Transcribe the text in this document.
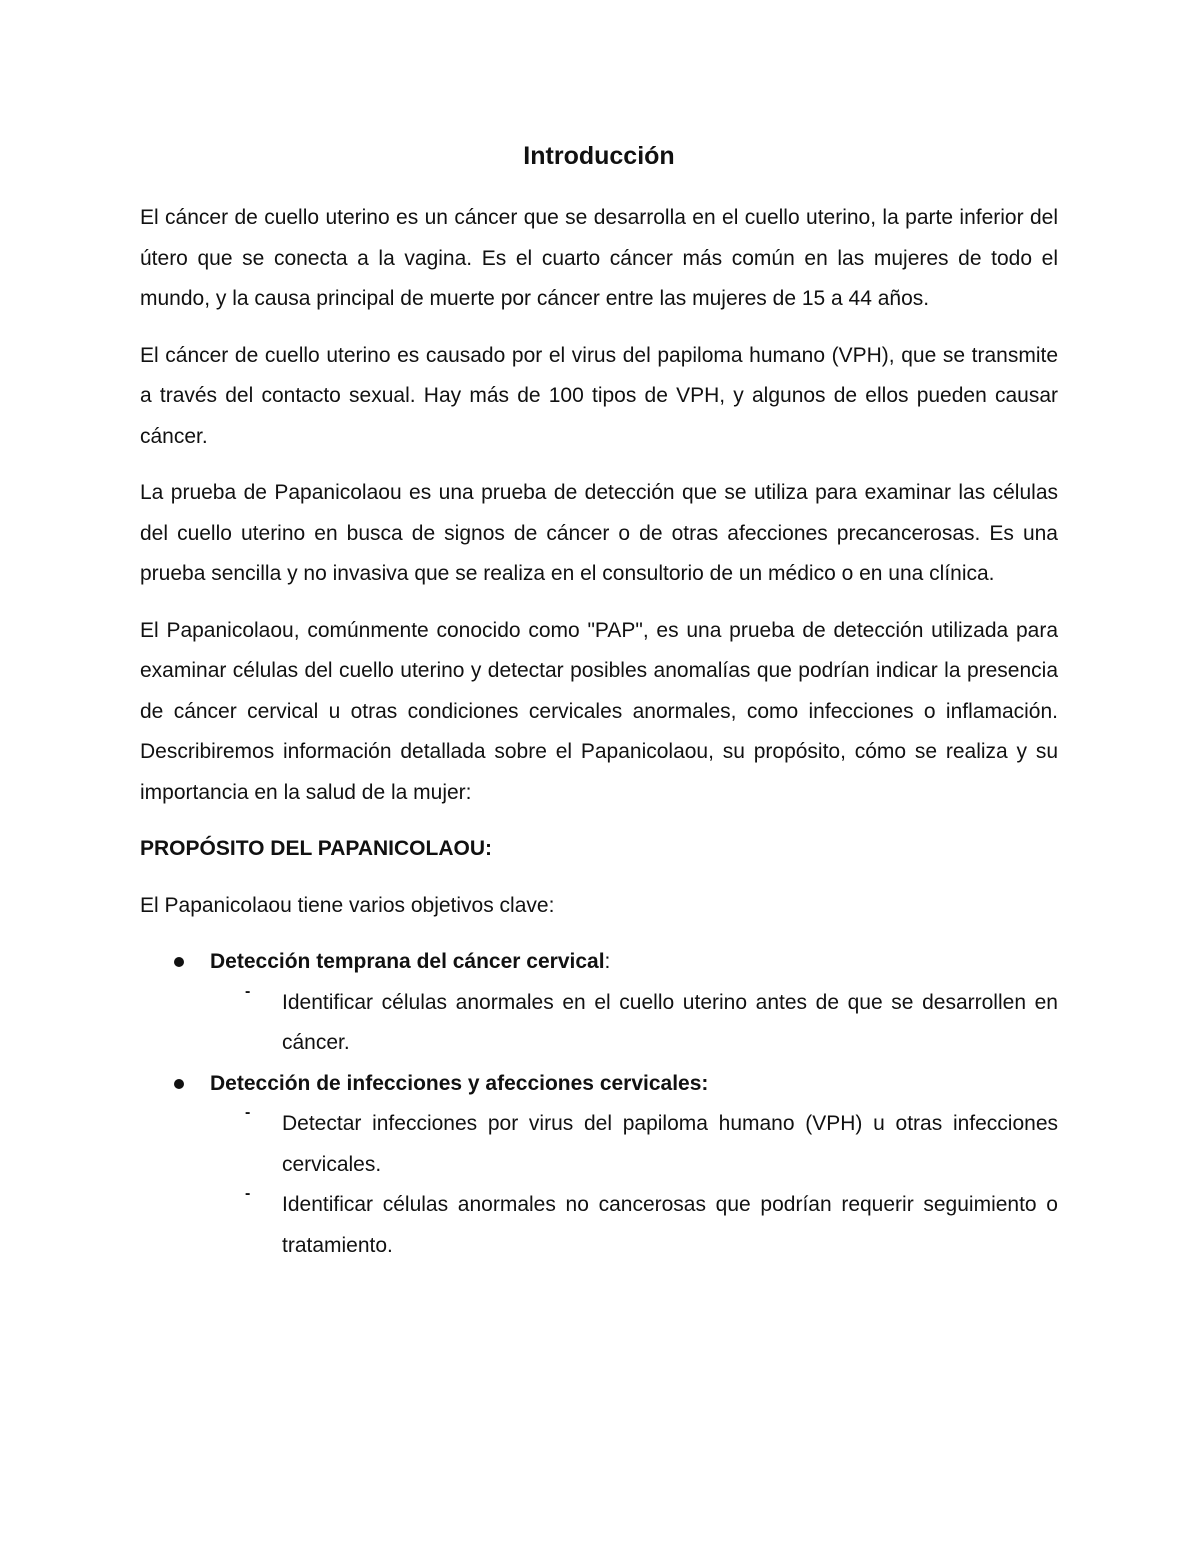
Introducción

El cáncer de cuello uterino es un cáncer que se desarrolla en el cuello uterino, la parte inferior del útero que se conecta a la vagina. Es el cuarto cáncer más común en las mujeres de todo el mundo, y la causa principal de muerte por cáncer entre las mujeres de 15 a 44 años.

El cáncer de cuello uterino es causado por el virus del papiloma humano (VPH), que se transmite a través del contacto sexual. Hay más de 100 tipos de VPH, y algunos de ellos pueden causar cáncer.

La prueba de Papanicolaou es una prueba de detección que se utiliza para examinar las células del cuello uterino en busca de signos de cáncer o de otras afecciones precancerosas. Es una prueba sencilla y no invasiva que se realiza en el consultorio de un médico o en una clínica.

El Papanicolaou, comúnmente conocido como "PAP", es una prueba de detección utilizada para examinar células del cuello uterino y detectar posibles anomalías que podrían indicar la presencia de cáncer cervical u otras condiciones cervicales anormales, como infecciones o inflamación. Describiremos información detallada sobre el Papanicolaou, su propósito, cómo se realiza y su importancia en la salud de la mujer:

PROPÓSITO DEL PAPANICOLAOU:

El Papanicolaou tiene varios objetivos clave:

Detección temprana del cáncer cervical:

- Identificar células anormales en el cuello uterino antes de que se desarrollen en cáncer.

Detección de infecciones y afecciones cervicales:

- Detectar infecciones por virus del papiloma humano (VPH) u otras infecciones cervicales.

- Identificar células anormales no cancerosas que podrían requerir seguimiento o tratamiento.
